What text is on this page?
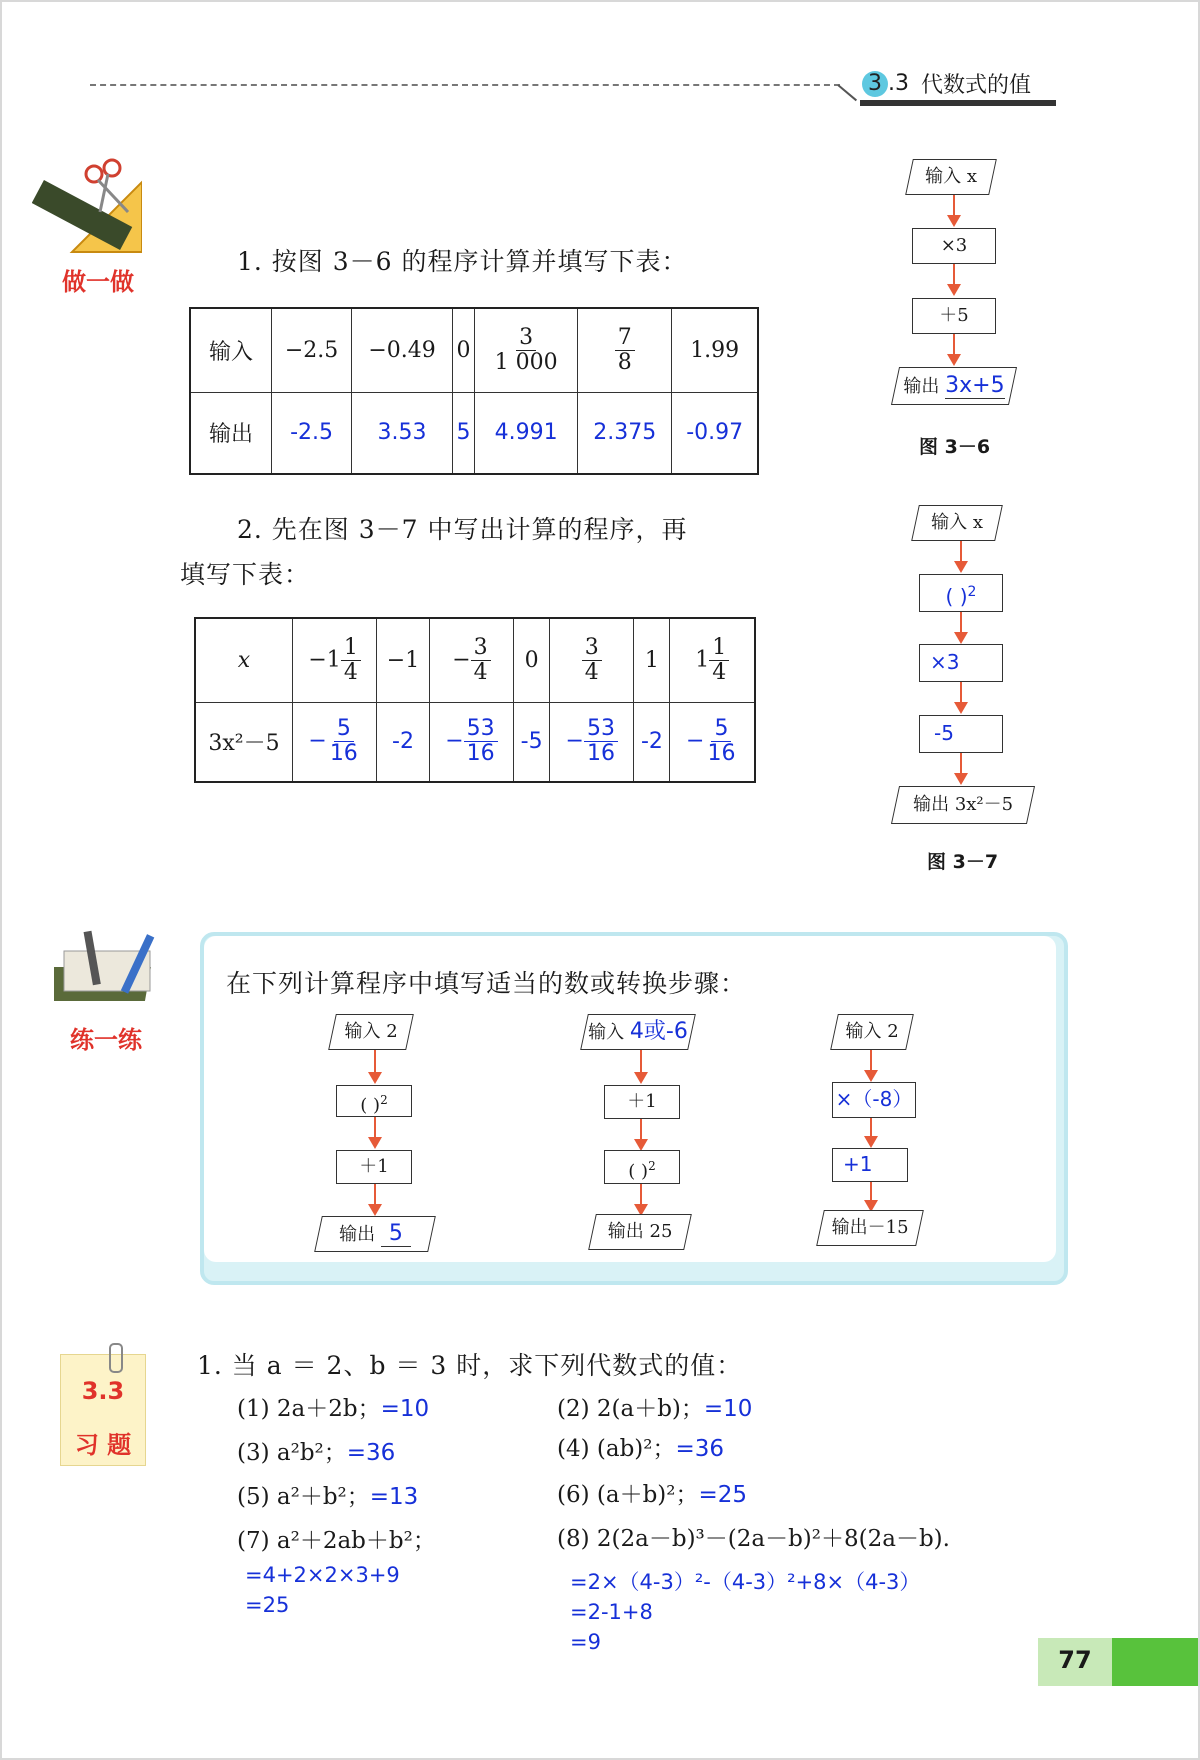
3 .3 代数式的值
做一做
1. 按图 3－6 的程序计算并填写下表：
输入	−2.5	−0.49	0	$\frac{3}{1 000}$	$\frac{7}{8}$	1.99
输出	-2.5	3.53	5	4.991	2.375	-0.97
输入 x
×3
＋5
输出 3x+5
图 3－6
2. 先在图 3－7 中写出计算的程序，再
填写下表：
x	$-1 \frac{1}{4}$	−1	− $\frac{3}{4}$	0	$\frac{3}{4}$	1	$1 \frac{1}{4}$

3x²－5	− $\frac{5}{16}$	-2	− $\frac{53}{16}$	-5	− $\frac{53}{16}$	-2	− $\frac{5}{16}$
输入 x
( )$^2$
×3
-5
输出 3x²－5
图 3－7
练一练
在下列计算程序中填写适当的数或转换步骤：
输入 2
( )$^2$
＋1
输出 5
输入 4或-6
＋1
( )$^2$
输出 25
输入 2
×（-8）
+1
输出－15
3.3
习 题
1. 当 a ＝ 2、b ＝ 3 时，求下列代数式的值：
(1) 2a＋2b；=10	(2) 2(a＋b)；=10
(3) a²b²；=36	(4) (ab)²；=36
(5) a²＋b²；=13	(6) (a＋b)²；=25
(7) a²＋2ab＋b²；	(8) 2(2a－b)³－(2a－b)²＋8(2a－b).
=4+2×2×3+9
=25
=2×（4-3）²-（4-3）²+8×（4-3）
=2-1+8
=9
77
